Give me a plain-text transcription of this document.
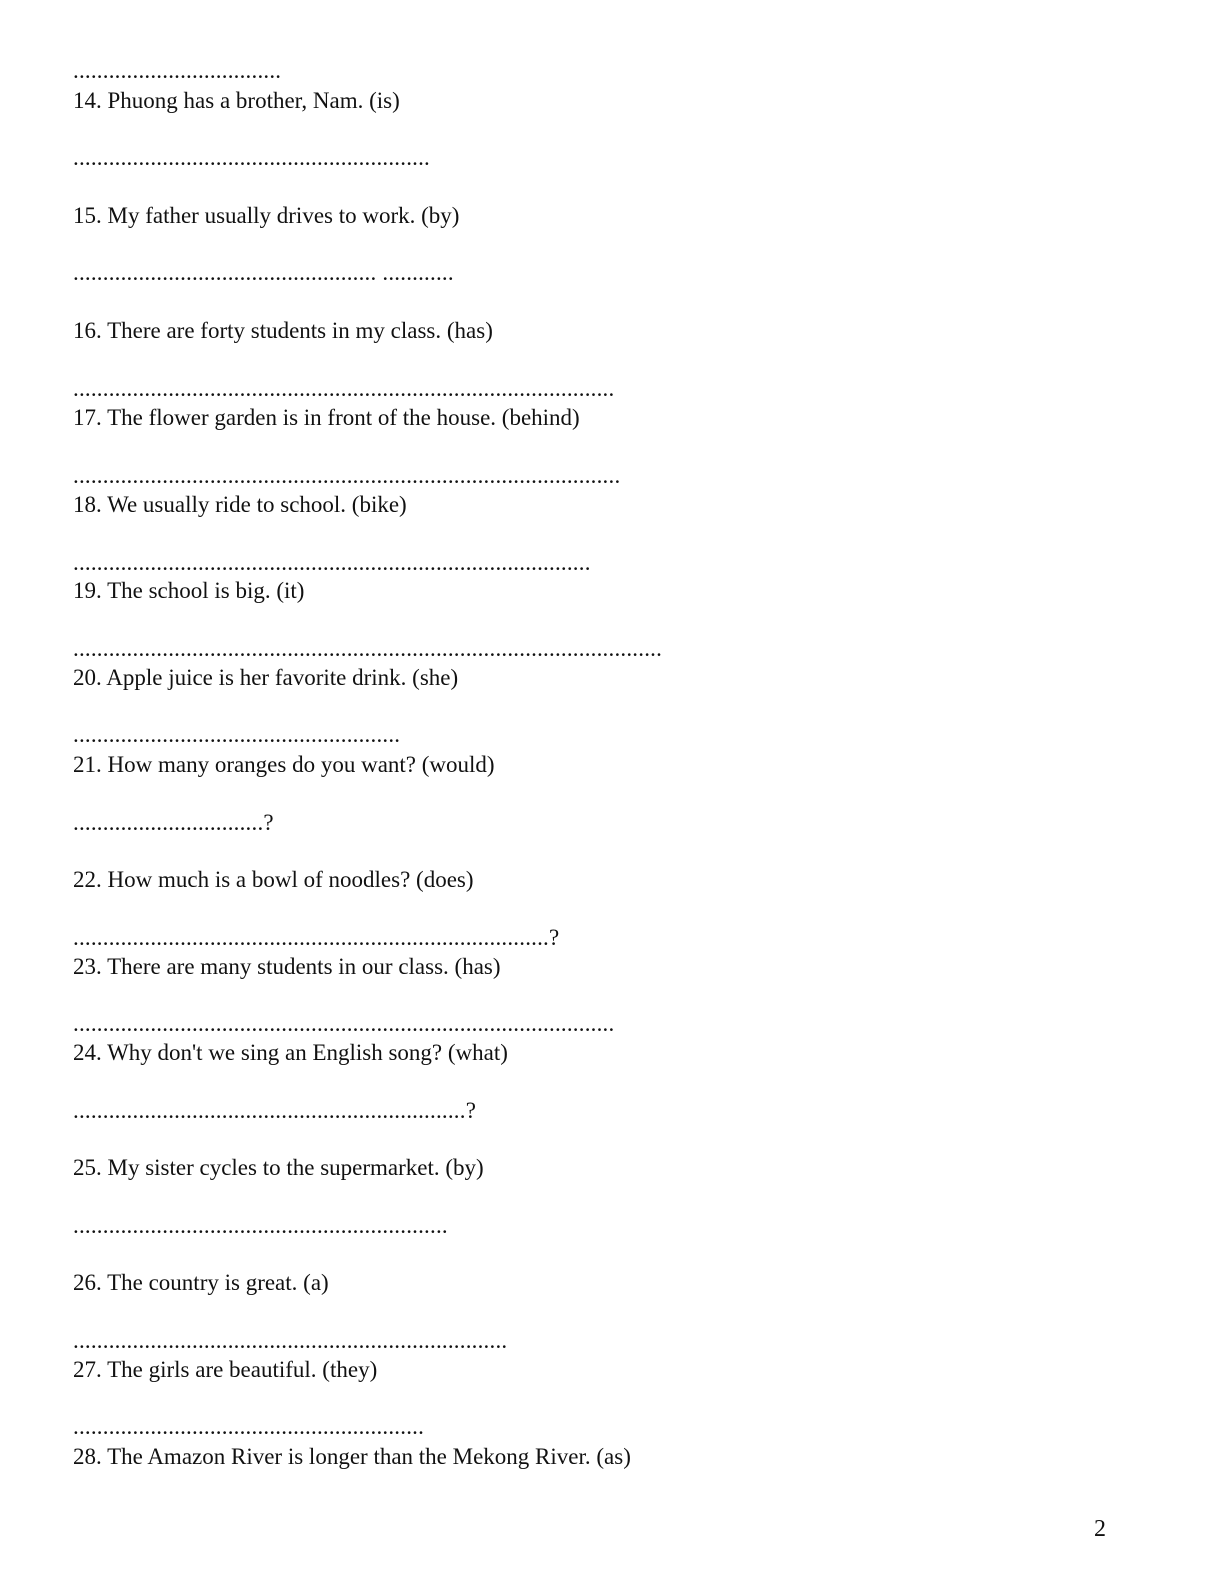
...................................
14. Phuong has a brother, Nam. (is)
............................................................
15. My father usually drives to work. (by)
................................................... ............
16. There are forty students in my class. (has)
...........................................................................................
17. The flower garden is in front of the house. (behind)
............................................................................................
18. We usually ride to school. (bike)
.......................................................................................
19. The school is big. (it)
...................................................................................................
20. Apple juice is her favorite drink. (she)
.......................................................
21. How many oranges do you want? (would)
................................?
22. How much is a bowl of noodles? (does)
................................................................................?
23. There are many students in our class. (has)
...........................................................................................
24. Why don't we sing an English song? (what)
..................................................................?
25. My sister cycles to the supermarket. (by)
...............................................................
26. The country is great. (a)
.........................................................................
27. The girls are beautiful. (they)
...........................................................
28. The Amazon River is longer than the Mekong River. (as)
2
